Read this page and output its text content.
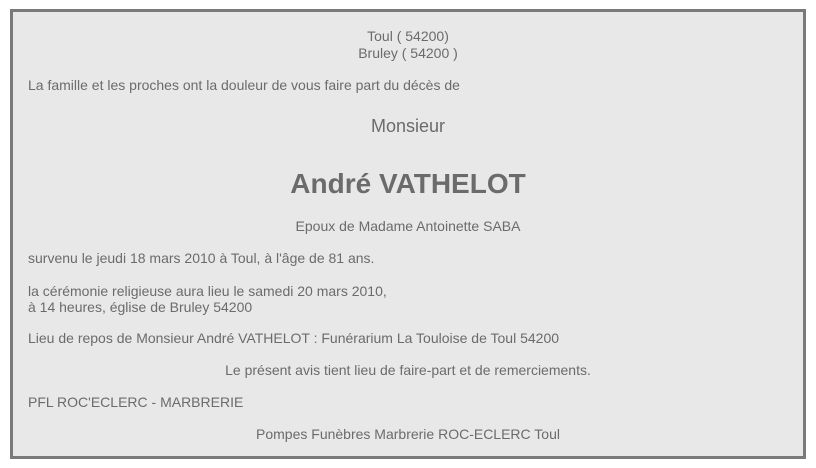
Toul ( 54200)
Bruley ( 54200 )
La famille et les proches ont la douleur de vous faire part du décès de
Monsieur
André VATHELOT
Epoux de Madame Antoinette SABA
survenu le jeudi 18 mars 2010 à Toul, à l'âge de 81 ans.
la cérémonie religieuse aura lieu le samedi 20 mars 2010,
à 14 heures, église de Bruley 54200
Lieu de repos de Monsieur André VATHELOT : Funérarium La Touloise de Toul 54200
Le présent avis tient lieu de faire-part et de remerciements.
PFL ROC'ECLERC - MARBRERIE
Pompes Funèbres Marbrerie ROC-ECLERC Toul
